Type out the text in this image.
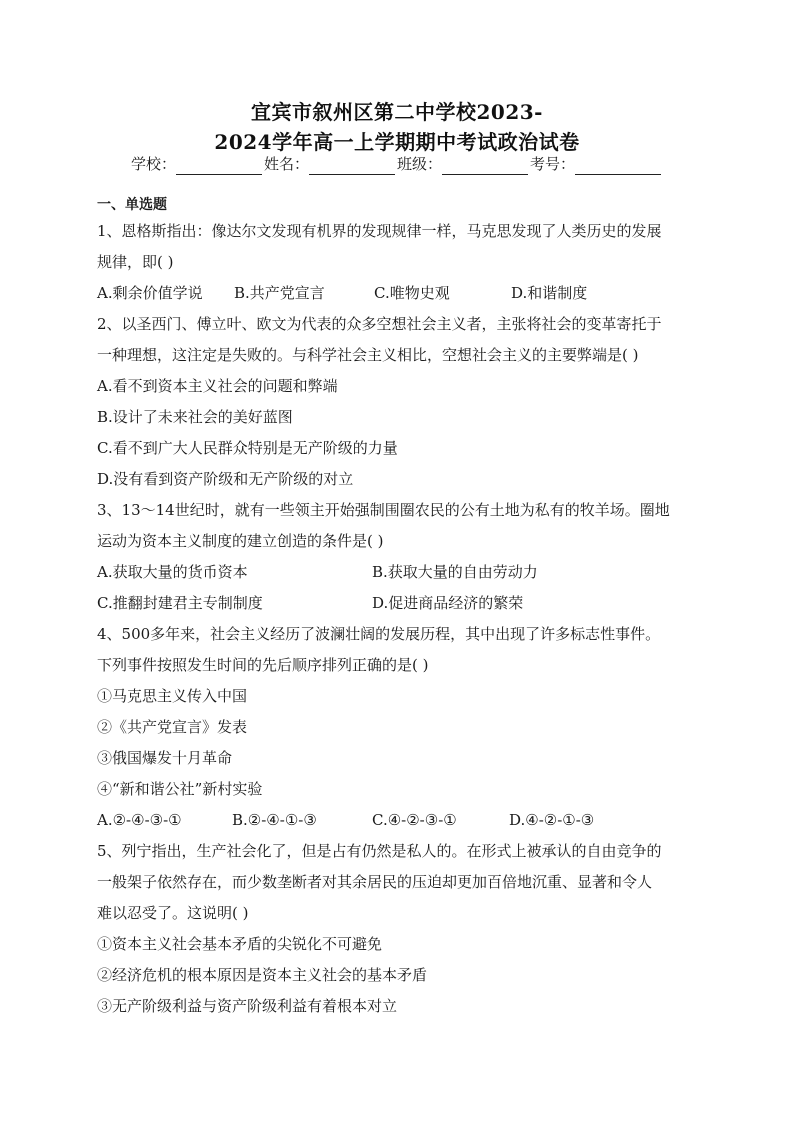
宜宾市叙州区第二中学校2023-
2024学年高一上学期期中考试政治试卷
学校：	姓名：	班级：	考号：
一、单选题
1、恩格斯指出：像达尔文发现有机界的发现规律一样，马克思发现了人类历史的发展
规律，即( )
A.剩余价值学说	B.共产党宣言	C.唯物史观	D.和谐制度
2、以圣西门、傅立叶、欧文为代表的众多空想社会主义者，主张将社会的变革寄托于
一种理想，这注定是失败的。与科学社会主义相比，空想社会主义的主要弊端是( )
A.看不到资本主义社会的问题和弊端
B.设计了未来社会的美好蓝图
C.看不到广大人民群众特别是无产阶级的力量
D.没有看到资产阶级和无产阶级的对立
3、13～14世纪时，就有一些领主开始强制围圈农民的公有土地为私有的牧羊场。圈地
运动为资本主义制度的建立创造的条件是( )
A.获取大量的货币资本	B.获取大量的自由劳动力
C.推翻封建君主专制制度	D.促进商品经济的繁荣
4、500多年来，社会主义经历了波澜壮阔的发展历程，其中出现了许多标志性事件。
下列事件按照发生时间的先后顺序排列正确的是( )
①马克思主义传入中国
②《共产党宣言》发表
③俄国爆发十月革命
④“新和谐公社”新村实验
A.②-④-③-①	B.②-④-①-③	C.④-②-③-①	D.④-②-①-③
5、列宁指出，生产社会化了，但是占有仍然是私人的。在形式上被承认的自由竞争的
一般架子依然存在，而少数垄断者对其余居民的压迫却更加百倍地沉重、显著和令人
难以忍受了。这说明( )
①资本主义社会基本矛盾的尖锐化不可避免
②经济危机的根本原因是资本主义社会的基本矛盾
③无产阶级利益与资产阶级利益有着根本对立
